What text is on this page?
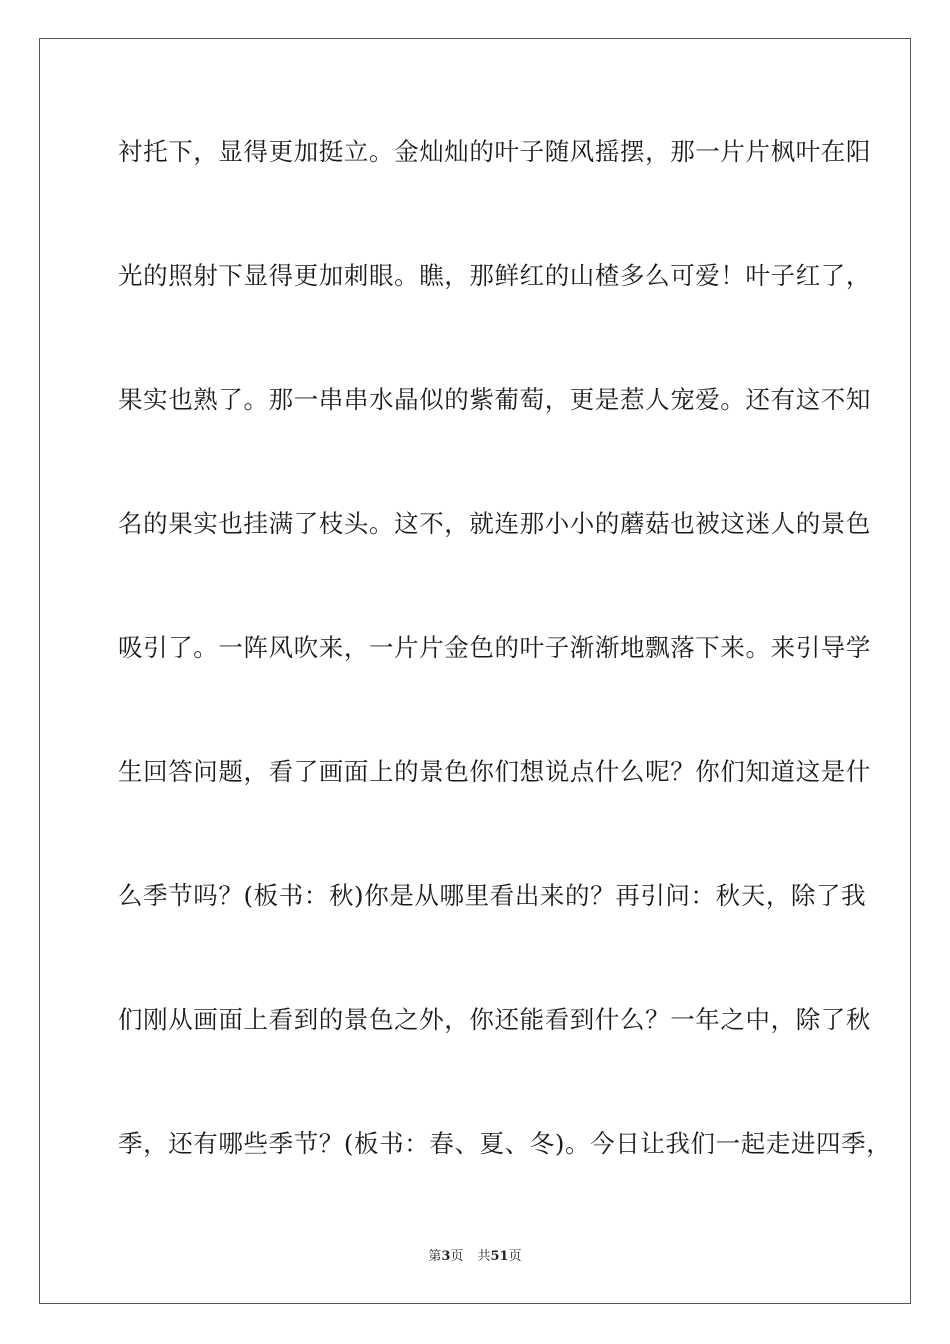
衬托下，显得更加挺立。金灿灿的叶子随风摇摆，那一片片枫叶在阳
光的照射下显得更加刺眼。瞧，那鲜红的山楂多么可爱！叶子红了，
果实也熟了。那一串串水晶似的紫葡萄，更是惹人宠爱。还有这不知
名的果实也挂满了枝头。这不，就连那小小的蘑菇也被这迷人的景色
吸引了。一阵风吹来，一片片金色的叶子渐渐地飘落下来。来引导学
生回答问题，看了画面上的景色你们想说点什么呢？你们知道这是什
么季节吗？(板书：秋)你是从哪里看出来的？再引问：秋天，除了我
们刚从画面上看到的景色之外，你还能看到什么？一年之中，除了秋
季，还有哪些季节？(板书：春、夏、冬)。今日让我们一起走进四季，
第3页 共51页
